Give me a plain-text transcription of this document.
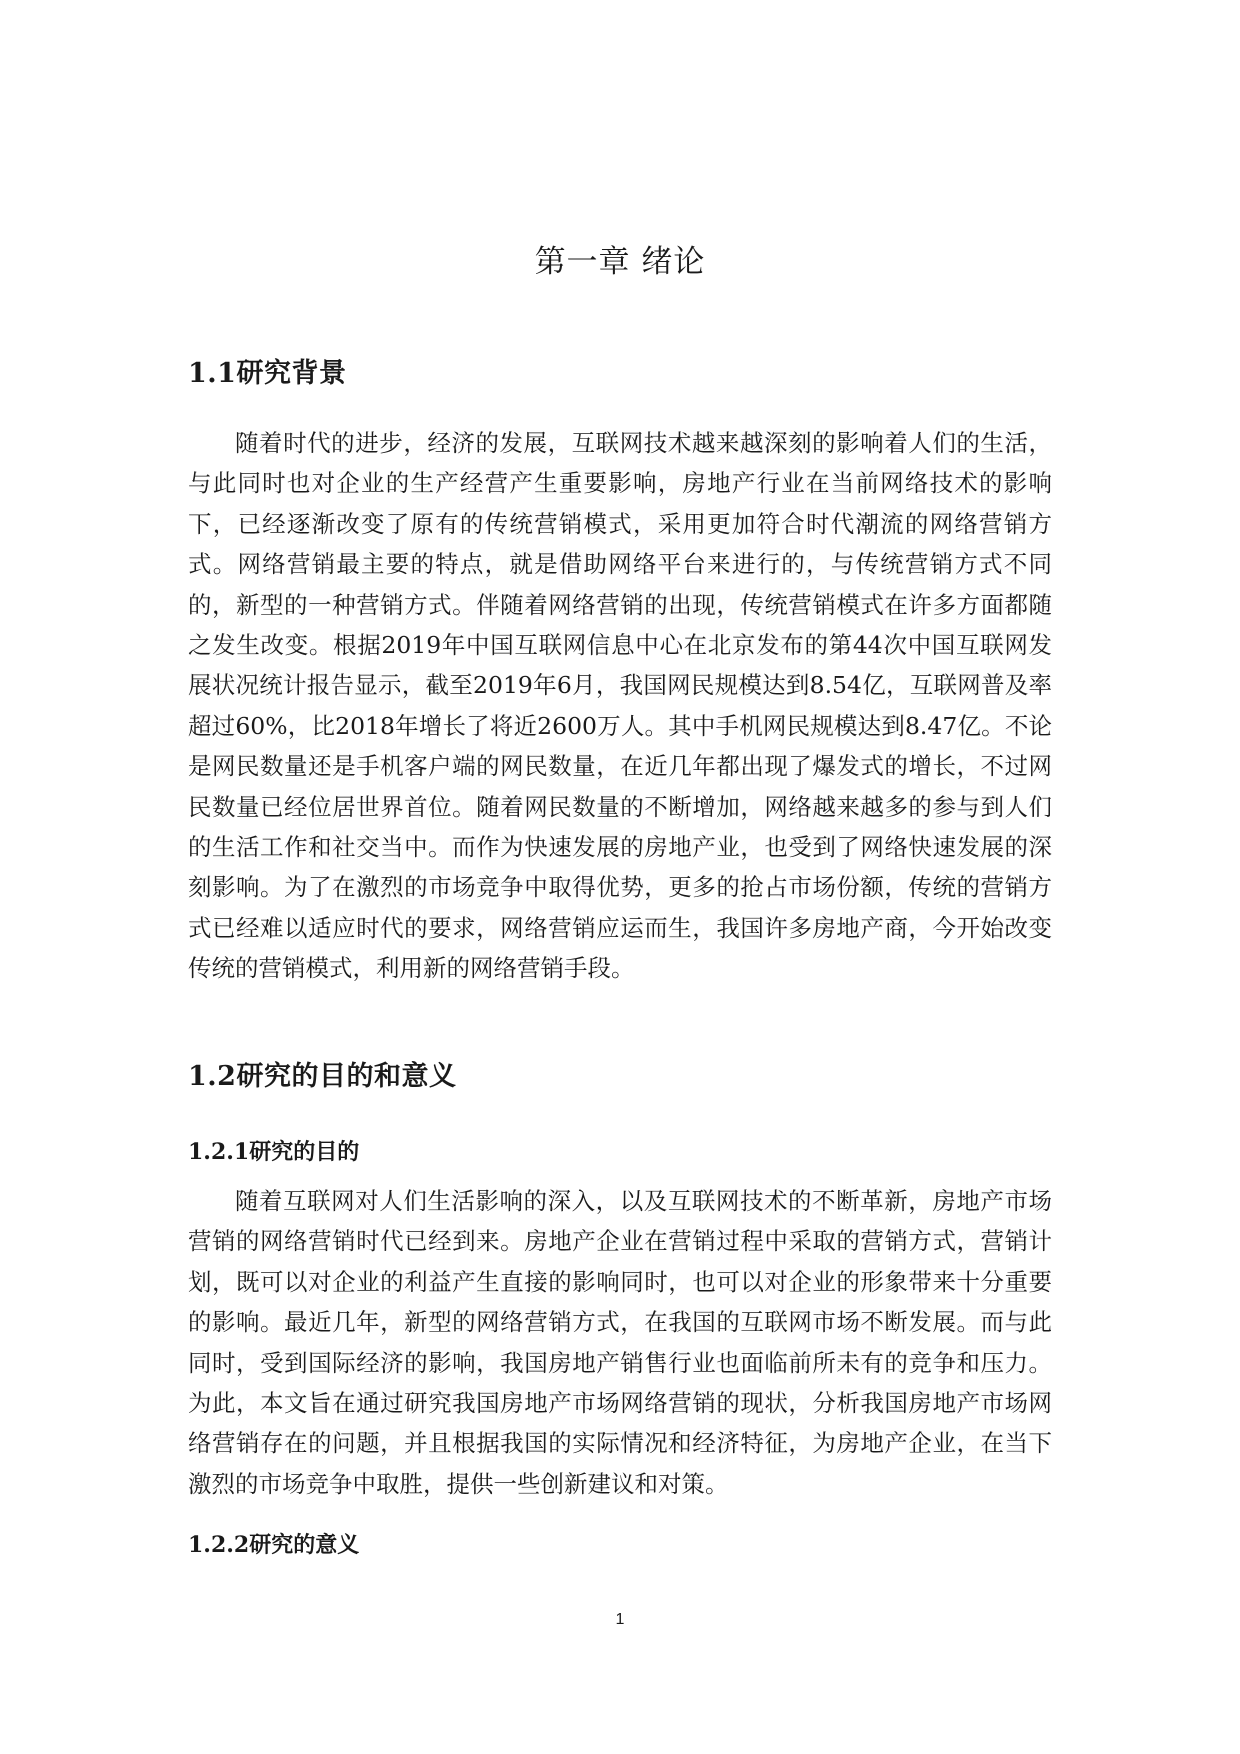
第一章 绪论
1.1研究背景

随着时代的进步，经济的发展，互联网技术越来越深刻的影响着人们的生活，与此同时也对企业的生产经营产生重要影响，房地产行业在当前网络技术的影响下，已经逐渐改变了原有的传统营销模式，采用更加符合时代潮流的网络营销方式。网络营销最主要的特点，就是借助网络平台来进行的，与传统营销方式不同的，新型的一种营销方式。伴随着网络营销的出现，传统营销模式在许多方面都随之发生改变。根据2019年中国互联网信息中心在北京发布的第44次中国互联网发展状况统计报告显示，截至2019年6月，我国网民规模达到8.54亿，互联网普及率超过60%，比2018年增长了将近2600万人。其中手机网民规模达到8.47亿。不论是网民数量还是手机客户端的网民数量，在近几年都出现了爆发式的增长，不过网民数量已经位居世界首位。随着网民数量的不断增加，网络越来越多的参与到人们的生活工作和社交当中。而作为快速发展的房地产业，也受到了网络快速发展的深刻影响。为了在激烈的市场竞争中取得优势，更多的抢占市场份额，传统的营销方式已经难以适应时代的要求，网络营销应运而生，我国许多房地产商，今开始改变传统的营销模式，利用新的网络营销手段。

1.2研究的目的和意义
1.2.1研究的目的

随着互联网对人们生活影响的深入，以及互联网技术的不断革新，房地产市场营销的网络营销时代已经到来。房地产企业在营销过程中采取的营销方式，营销计划，既可以对企业的利益产生直接的影响同时，也可以对企业的形象带来十分重要的影响。最近几年，新型的网络营销方式，在我国的互联网市场不断发展。而与此同时，受到国际经济的影响，我国房地产销售行业也面临前所未有的竞争和压力。为此，本文旨在通过研究我国房地产市场网络营销的现状，分析我国房地产市场网络营销存在的问题，并且根据我国的实际情况和经济特征，为房地产企业，在当下激烈的市场竞争中取胜，提供一些创新建议和对策。

1.2.2研究的意义
1
